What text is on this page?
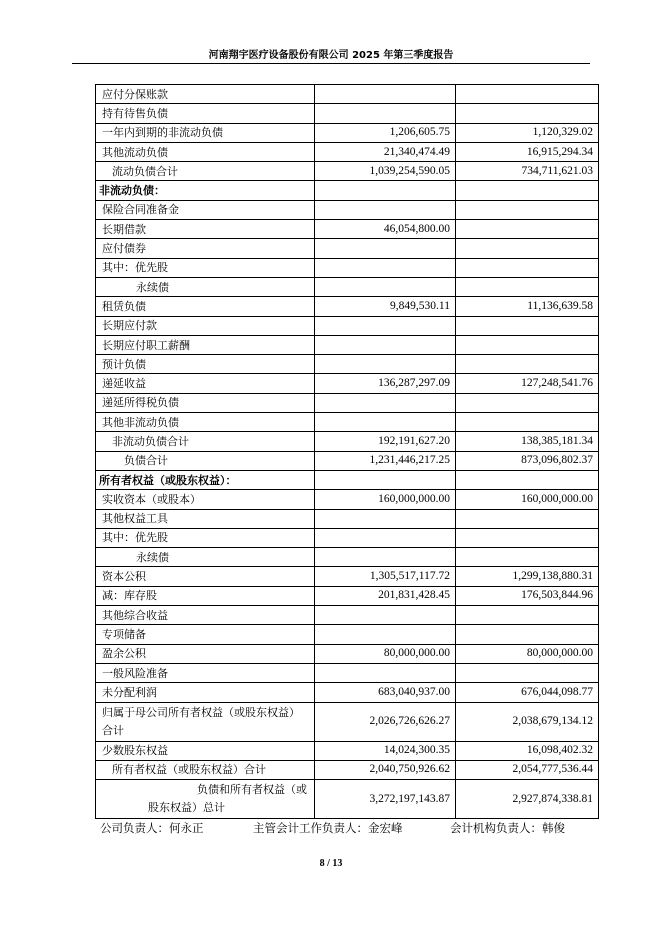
河南翔宇医疗设备股份有限公司 2025 年第三季度报告
应付分保账款		
持有待售负债		
一年内到期的非流动负债	1,206,605.75	1,120,329.02
其他流动负债	21,340,474.49	16,915,294.34
流动负债合计	1,039,254,590.05	734,711,621.03
非流动负债：		
保险合同准备金		
长期借款	46,054,800.00	
应付债券		
其中：优先股		
永续债		
租赁负债	9,849,530.11	11,136,639.58
长期应付款		
长期应付职工薪酬		
预计负债		
递延收益	136,287,297.09	127,248,541.76
递延所得税负债		
其他非流动负债		
非流动负债合计	192,191,627.20	138,385,181.34
负债合计	1,231,446,217.25	873,096,802.37
所有者权益（或股东权益）：		
实收资本（或股本）	160,000,000.00	160,000,000.00
其他权益工具		
其中：优先股		
永续债		
资本公积	1,305,517,117.72	1,299,138,880.31
减：库存股	201,831,428.45	176,503,844.96
其他综合收益		
专项储备		
盈余公积	80,000,000.00	80,000,000.00
一般风险准备		
未分配利润	683,040,937.00	676,044,098.77
归属于母公司所有者权益（或股东权益）合计	2,026,726,626.27	2,038,679,134.12
少数股东权益	14,024,300.35	16,098,402.32
所有者权益（或股东权益）合计	2,040,750,926.62	2,054,777,536.44
负债和所有者权益（或股东权益）总计	3,272,197,143.87	2,927,874,338.81
公司负责人：何永正	主管会计工作负责人：金宏峰	会计机构负责人：韩俊
8 / 13
